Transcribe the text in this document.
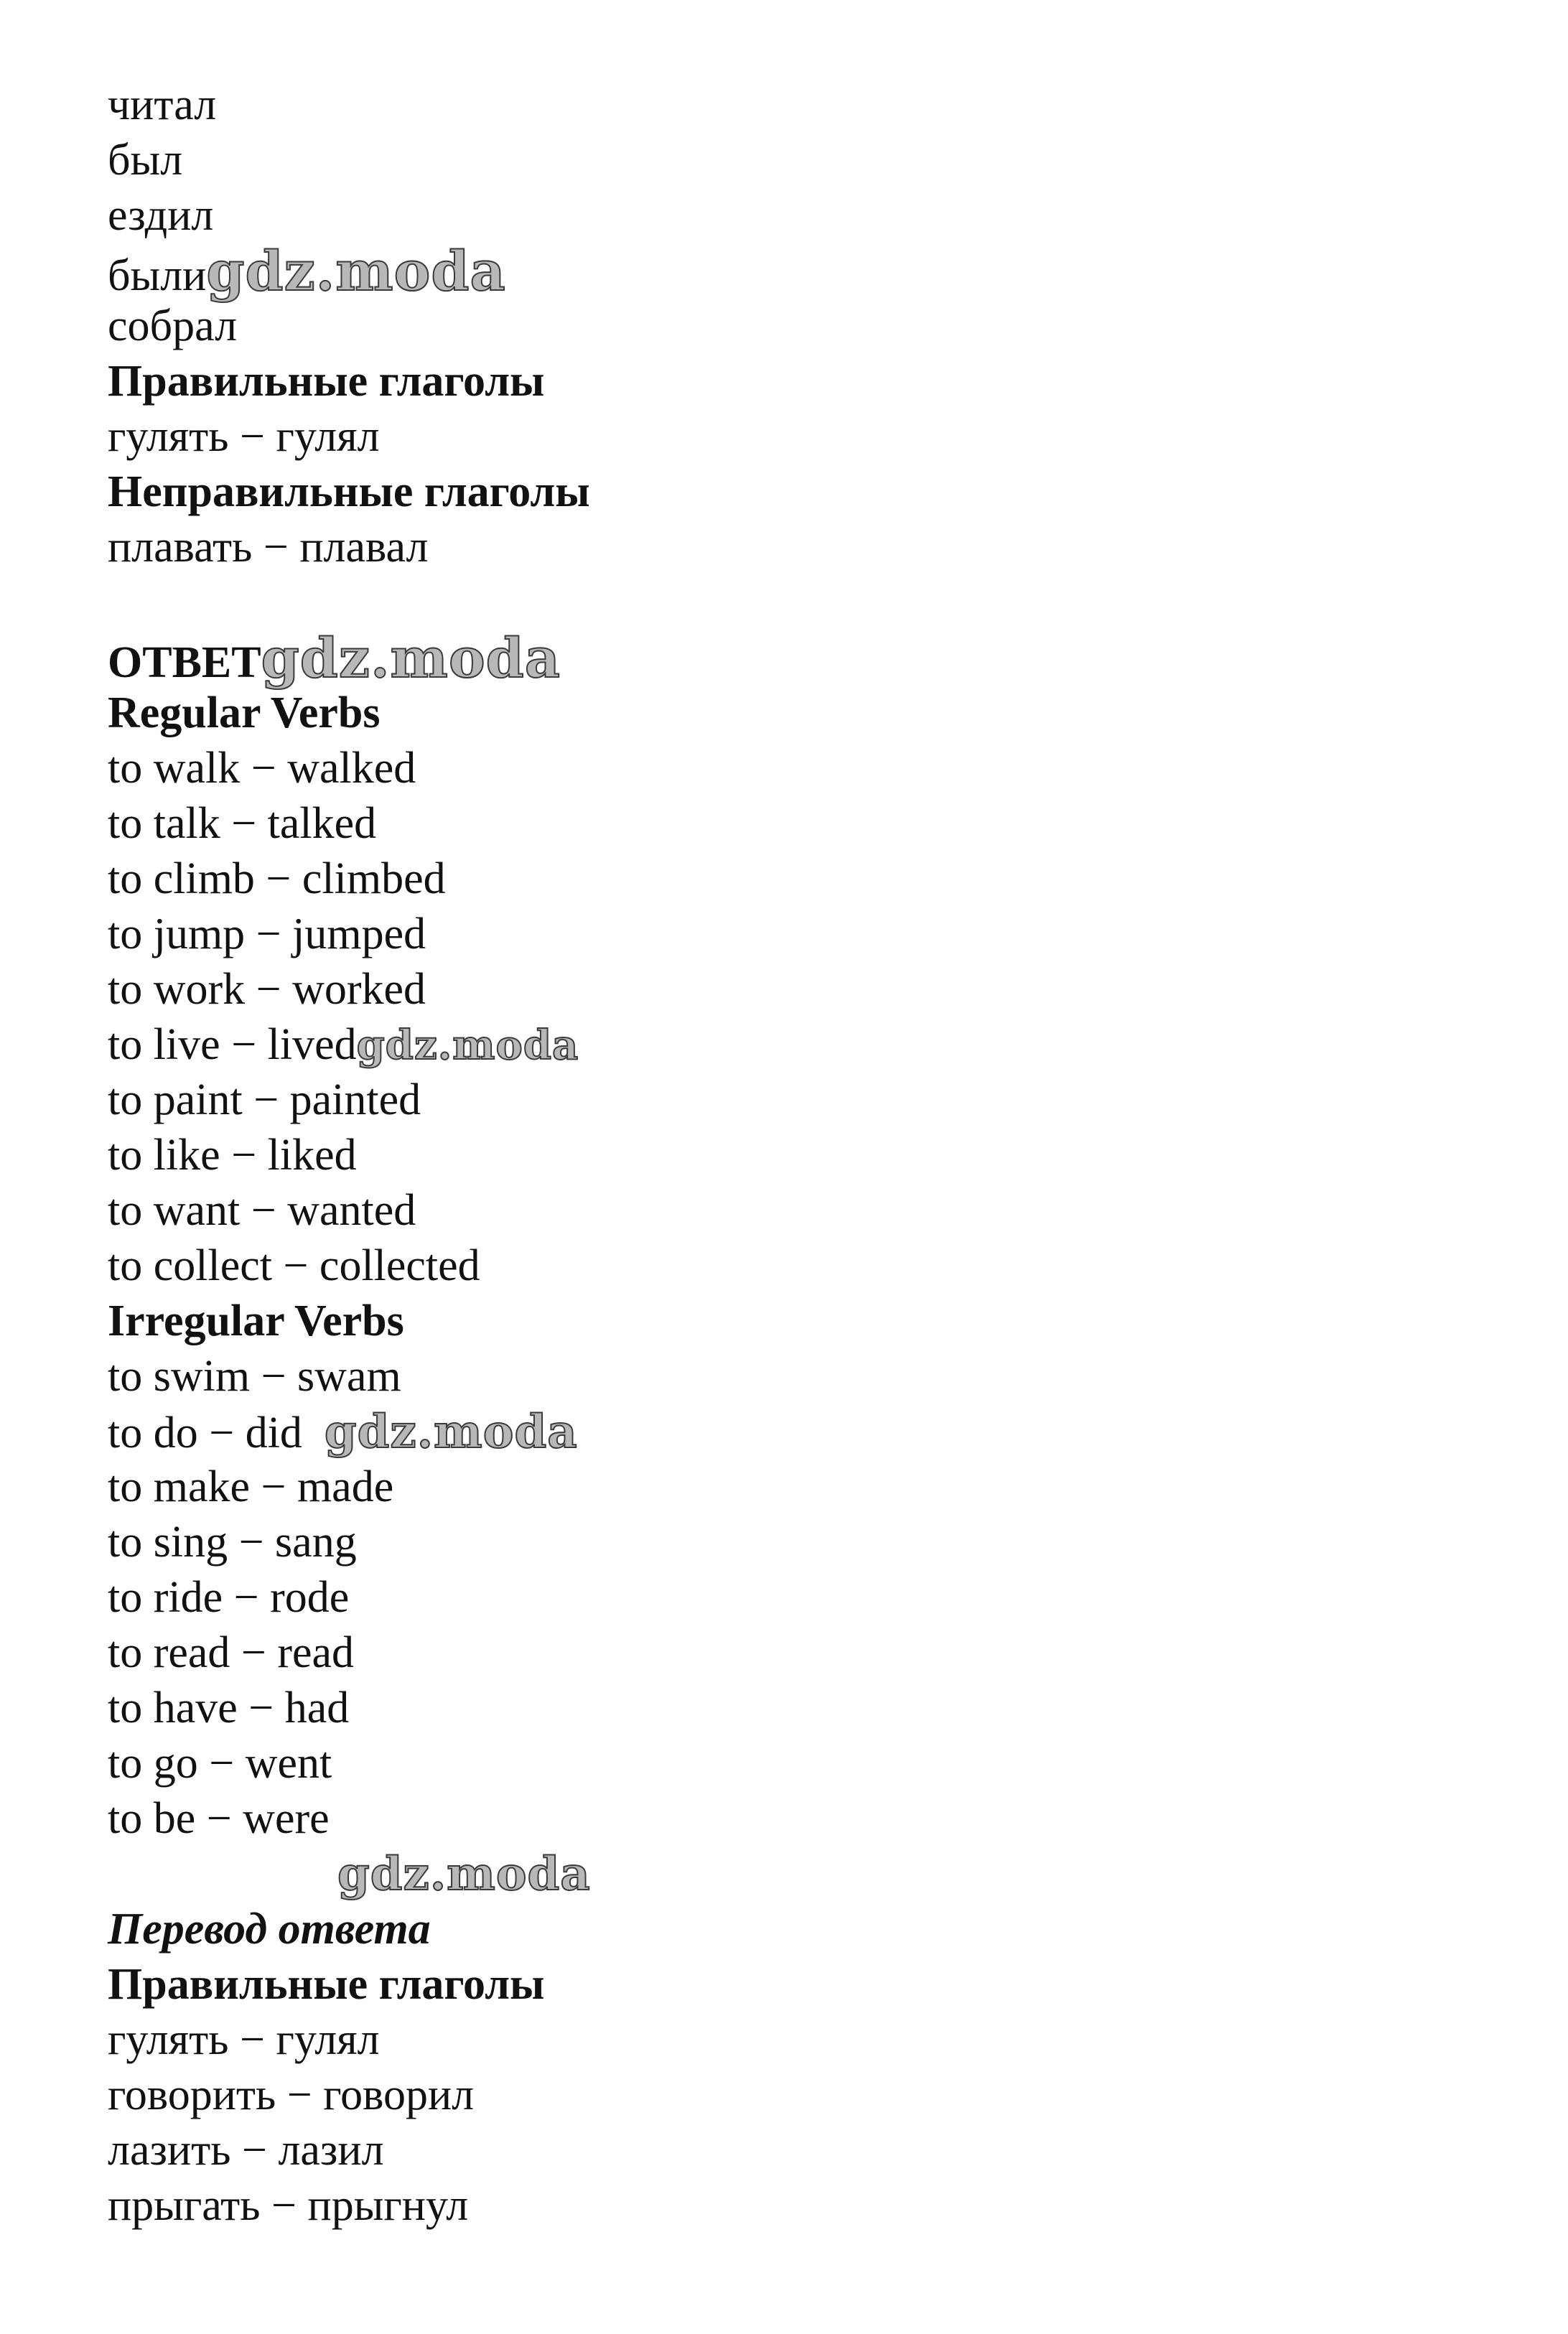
читал
был
ездил
былиgdz.moda
собрал
Правильные глаголы
гулять − гулял
Неправильные глаголы
плавать − плавал
ОТВЕТgdz.moda
Regular Verbs
to walk − walked
to talk − talked
to climb − climbed
to jump − jumped
to work − worked
to live − livedgdz.moda
to paint − painted
to like − liked
to want − wanted
to collect − collected
Irregular Verbs
to swim − swam
to do − did gdz.moda
to make − made
to sing − sang
to ride − rode
to read − read
to have − had
to go − went
to be − were
gdz.moda
Перевод ответа
Правильные глаголы
гулять − гулял
говорить − говорил
лазить − лазил
прыгать − прыгнул
